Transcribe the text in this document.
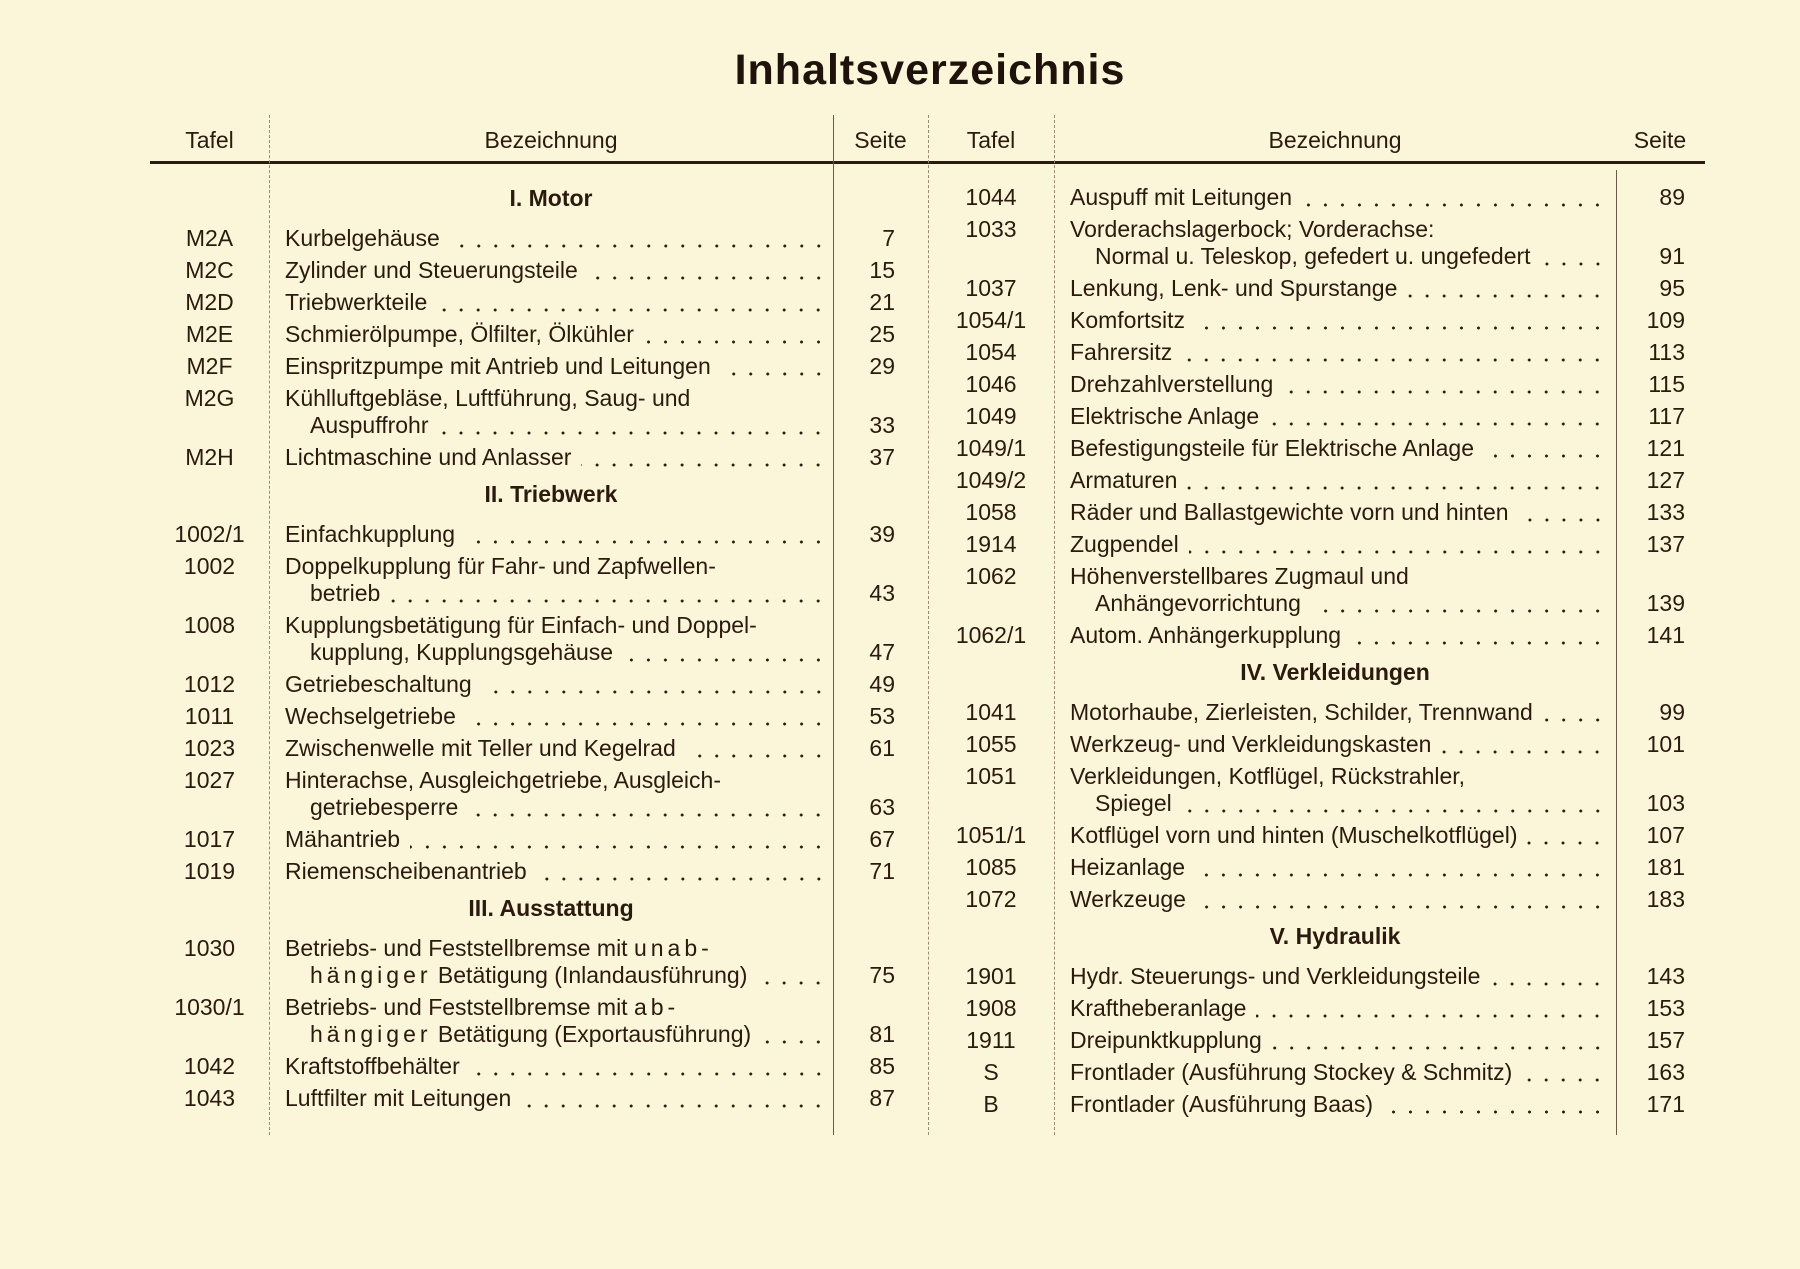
Inhaltsverzeichnis
Tafel	Bezeichnung	Seite	Tafel	Bezeichnung	Seite
I. Motor
M2A	Kurbelgehäuse	7
M2C	Zylinder und Steuerungsteile	15
M2D	Triebwerkteile	21
M2E	Schmierölpumpe, Ölfilter, Ölkühler	25
M2F	Einspritzpumpe mit Antrieb und Leitungen	29
M2G	Kühlluftgebläse, Luftführung, Saug- und
Auspuffrohr	33
M2H	Lichtmaschine und Anlasser	37
II. Triebwerk
1002/1	Einfachkupplung	39
1002	Doppelkupplung für Fahr- und Zapfwellen-
betrieb	43
1008	Kupplungsbetätigung für Einfach- und Doppel-
kupplung, Kupplungsgehäuse	47
1012	Getriebeschaltung	49
1011	Wechselgetriebe	53
1023	Zwischenwelle mit Teller und Kegelrad	61
1027	Hinterachse, Ausgleichgetriebe, Ausgleich-
getriebesperre	63
1017	Mähantrieb	67
1019	Riemenscheibenantrieb	71
III. Ausstattung
1030	Betriebs- und Feststellbremse mit unab-
hängiger Betätigung (Inlandausführung)	75
1030/1	Betriebs- und Feststellbremse mit ab-
hängiger Betätigung (Exportausführung)	81
1042	Kraftstoffbehälter	85
1043	Luftfilter mit Leitungen	87
1044	Auspuff mit Leitungen	89
1033	Vorderachslagerbock; Vorderachse:
Normal u. Teleskop, gefedert u. ungefedert	91
1037	Lenkung, Lenk- und Spurstange	95
1054/1	Komfortsitz	109
1054	Fahrersitz	113
1046	Drehzahlverstellung	115
1049	Elektrische Anlage	117
1049/1	Befestigungsteile für Elektrische Anlage	121
1049/2	Armaturen	127
1058	Räder und Ballastgewichte vorn und hinten	133
1914	Zugpendel	137
1062	Höhenverstellbares Zugmaul und
Anhängevorrichtung	139
1062/1	Autom. Anhängerkupplung	141
IV. Verkleidungen
1041	Motorhaube, Zierleisten, Schilder, Trennwand	99
1055	Werkzeug- und Verkleidungskasten	101
1051	Verkleidungen, Kotflügel, Rückstrahler,
Spiegel	103
1051/1	Kotflügel vorn und hinten (Muschelkotflügel)	107
1085	Heizanlage	181
1072	Werkzeuge	183
V. Hydraulik
1901	Hydr. Steuerungs- und Verkleidungsteile	143
1908	Kraftheberanlage	153
1911	Dreipunktkupplung	157
S	Frontlader (Ausführung Stockey & Schmitz)	163
B	Frontlader (Ausführung Baas)	171
